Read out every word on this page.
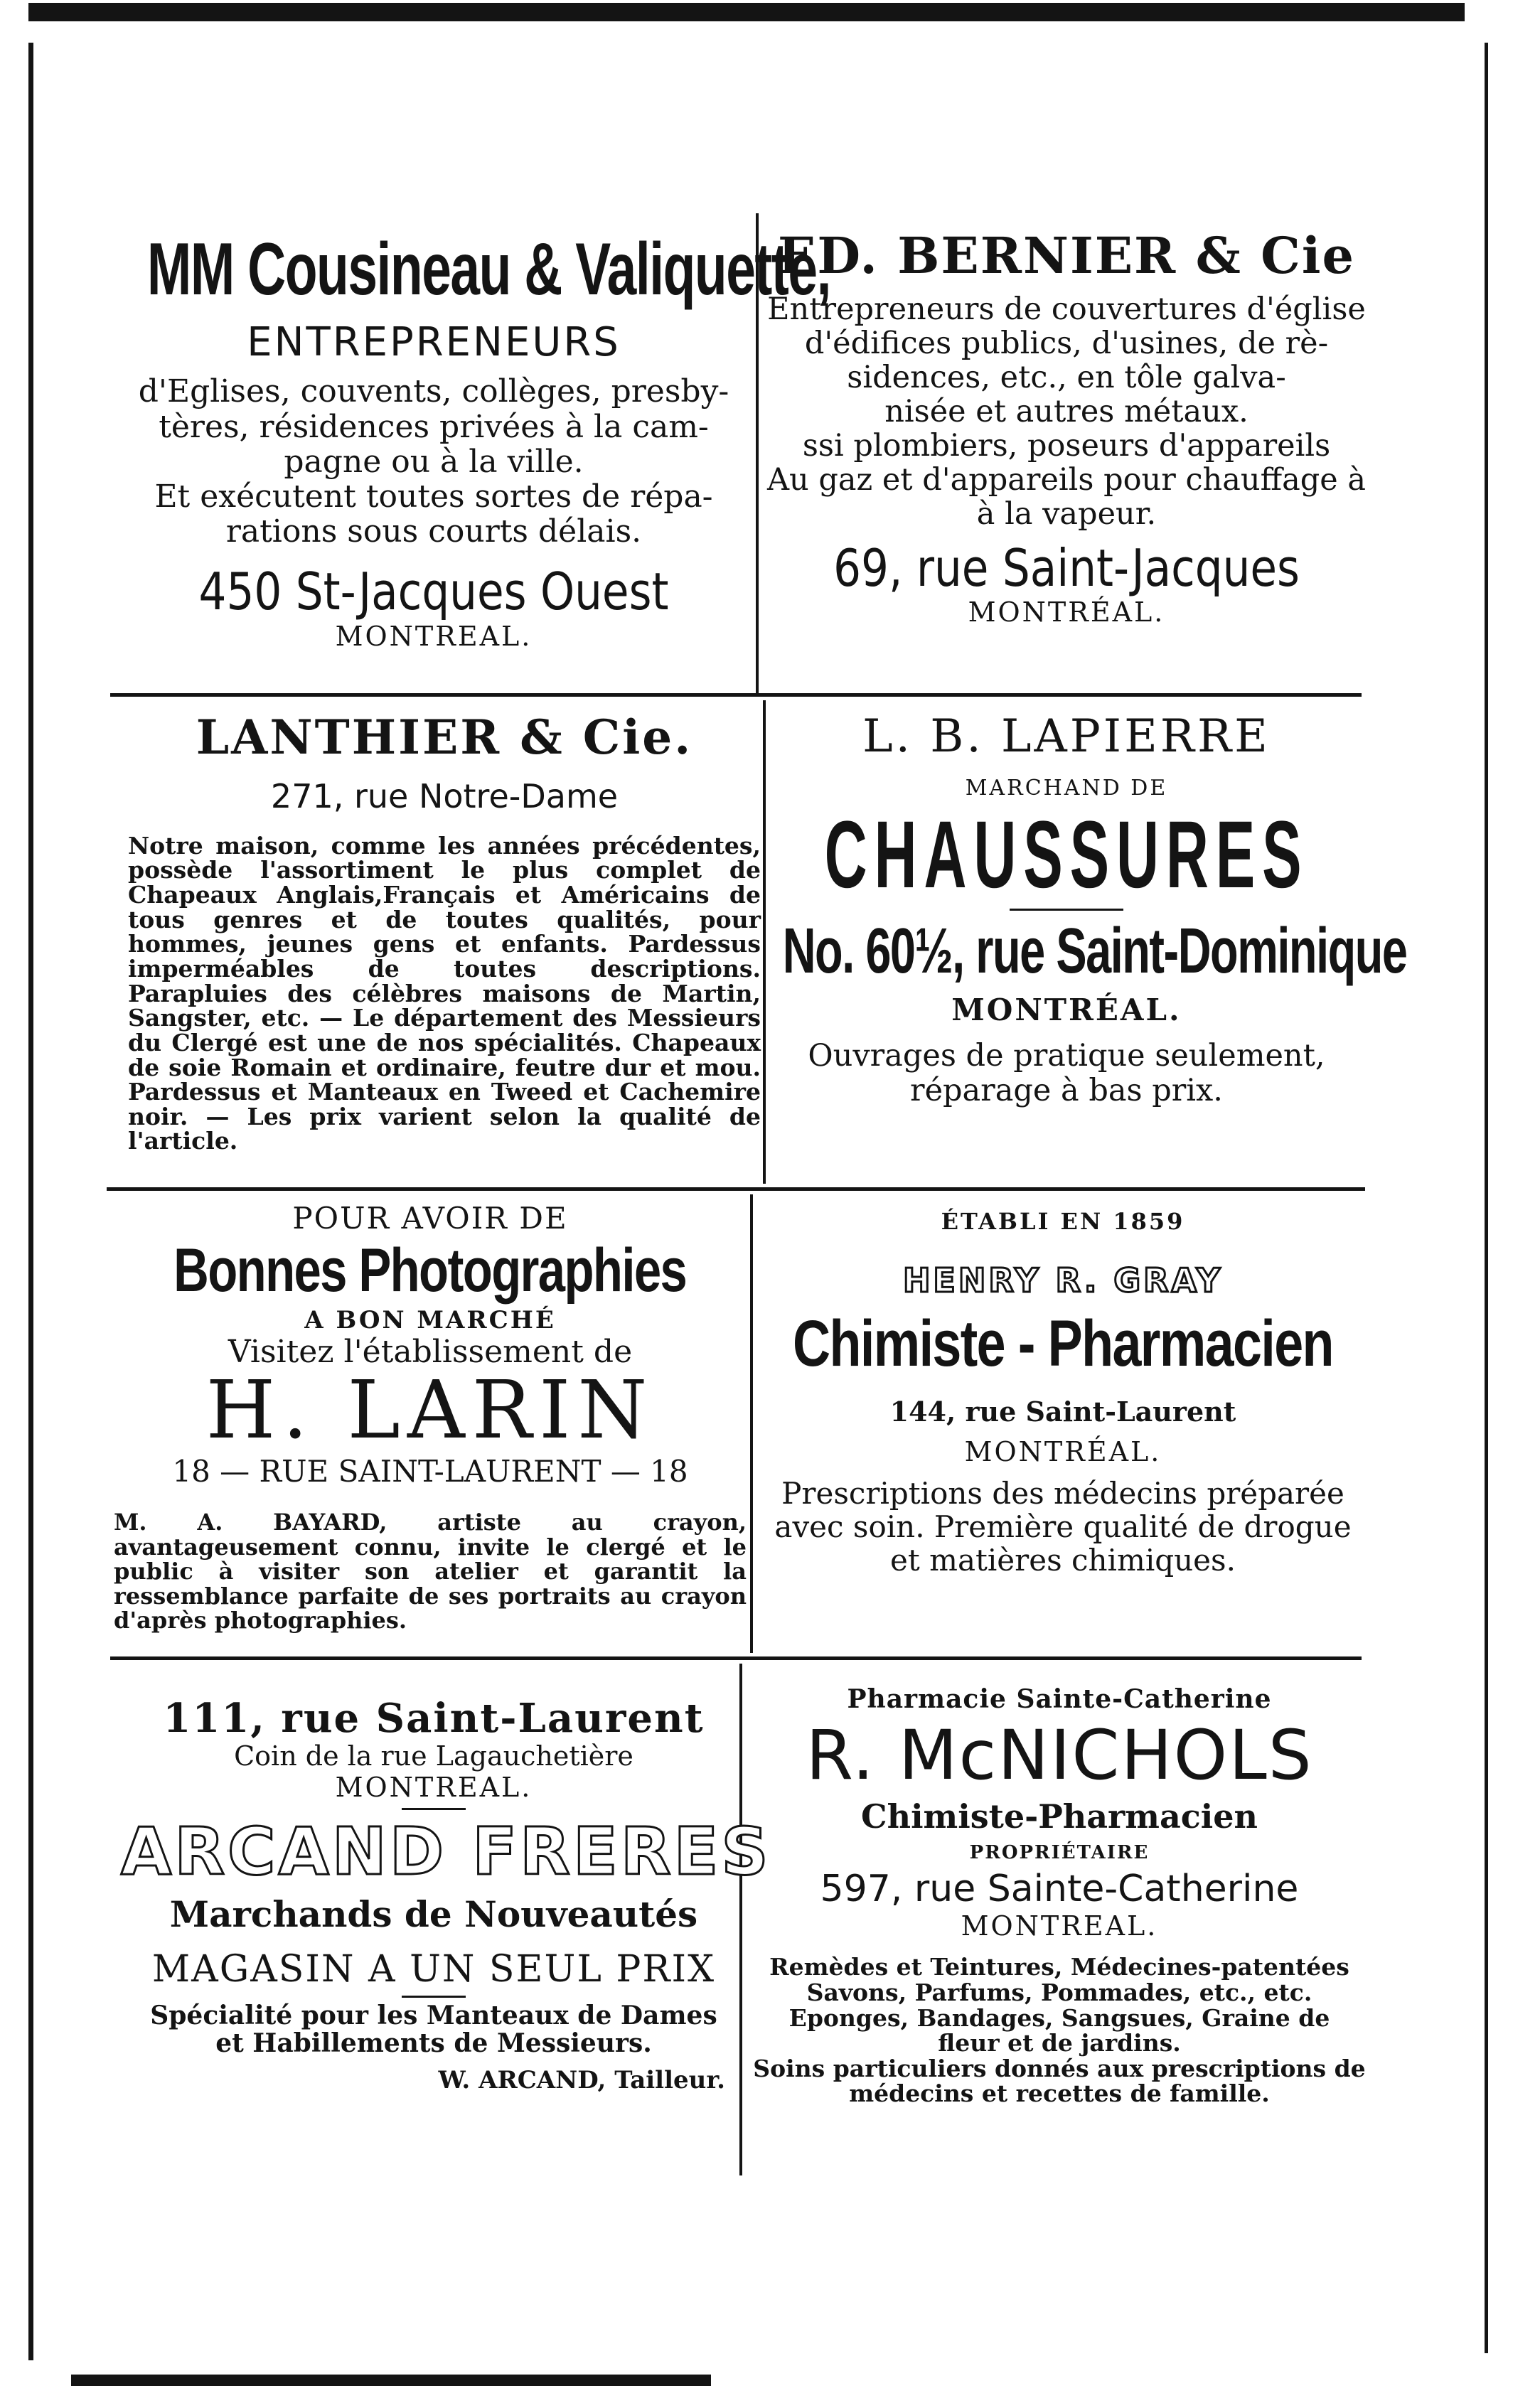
MM Cousineau & Valiquette,
ENTREPRENEURS
d'Eglises, couvents, collèges, presby-
tères, résidences privées à la cam-
pagne ou à la ville.
Et exécutent toutes sortes de répa-
rations sous courts délais.
450 St-Jacques Ouest
MONTREAL.
ED. BERNIER & Cie
Entrepreneurs de couvertures d'église
d'édifices publics, d'usines, de rè-
sidences, etc., en tôle galva-
nisée et autres métaux.
ssi plombiers, poseurs d'appareils
Au gaz et d'appareils pour chauffage à
à la vapeur.
69, rue Saint-Jacques
MONTRÉAL.
LANTHIER & Cie.
271, rue Notre-Dame

Notre maison, comme les années précédentes, possède l'assortiment le plus complet de Chapeaux Anglais,Français et Américains de tous genres et de toutes qualités, pour hommes, jeunes gens et enfants. Pardessus imperméables de toutes descriptions. Parapluies des célèbres maisons de Martin, Sangster, etc. — Le département des Messieurs du Clergé est une de nos spécialités. Chapeaux de soie Romain et ordinaire, feutre dur et mou. Pardessus et Manteaux en Tweed et Cachemire noir. — Les prix varient selon la qualité de l'article.

L. B. LAPIERRE
MARCHAND DE
CHAUSSURES
No. 60½, rue Saint-Dominique
MONTRÉAL.
Ouvrages de pratique seulement,
réparage à bas prix.
POUR AVOIR DE
Bonnes Photographies
A BON MARCHÉ
Visitez l'établissement de
H. LARIN
18 — RUE SAINT-LAURENT — 18

M. A. BAYARD, artiste au crayon, avantageusement connu, invite le clergé et le public à visiter son atelier et garantit la ressemblance parfaite de ses portraits au crayon d'après photographies.

ÉTABLI EN 1859
HENRY R. GRAY
Chimiste - Pharmacien
144, rue Saint-Laurent
MONTRÉAL.
Prescriptions des médecins préparée
avec soin. Première qualité de drogue
et matières chimiques.
111, rue Saint-Laurent
Coin de la rue Lagauchetière
MONTREAL.
ARCAND FRERES
Marchands de Nouveautés
MAGASIN A UN SEUL PRIX
Spécialité pour les Manteaux de Dames
et Habillements de Messieurs.
W. ARCAND, Tailleur.
Pharmacie Sainte-Catherine
R. McNICHOLS
Chimiste-Pharmacien
PROPRIÉTAIRE
597, rue Sainte-Catherine
MONTREAL.
Remèdes et Teintures, Médecines-patentées
Savons, Parfums, Pommades, etc., etc.
Eponges, Bandages, Sangsues, Graine de
fleur et de jardins.
Soins particuliers donnés aux prescriptions de
médecins et recettes de famille.
